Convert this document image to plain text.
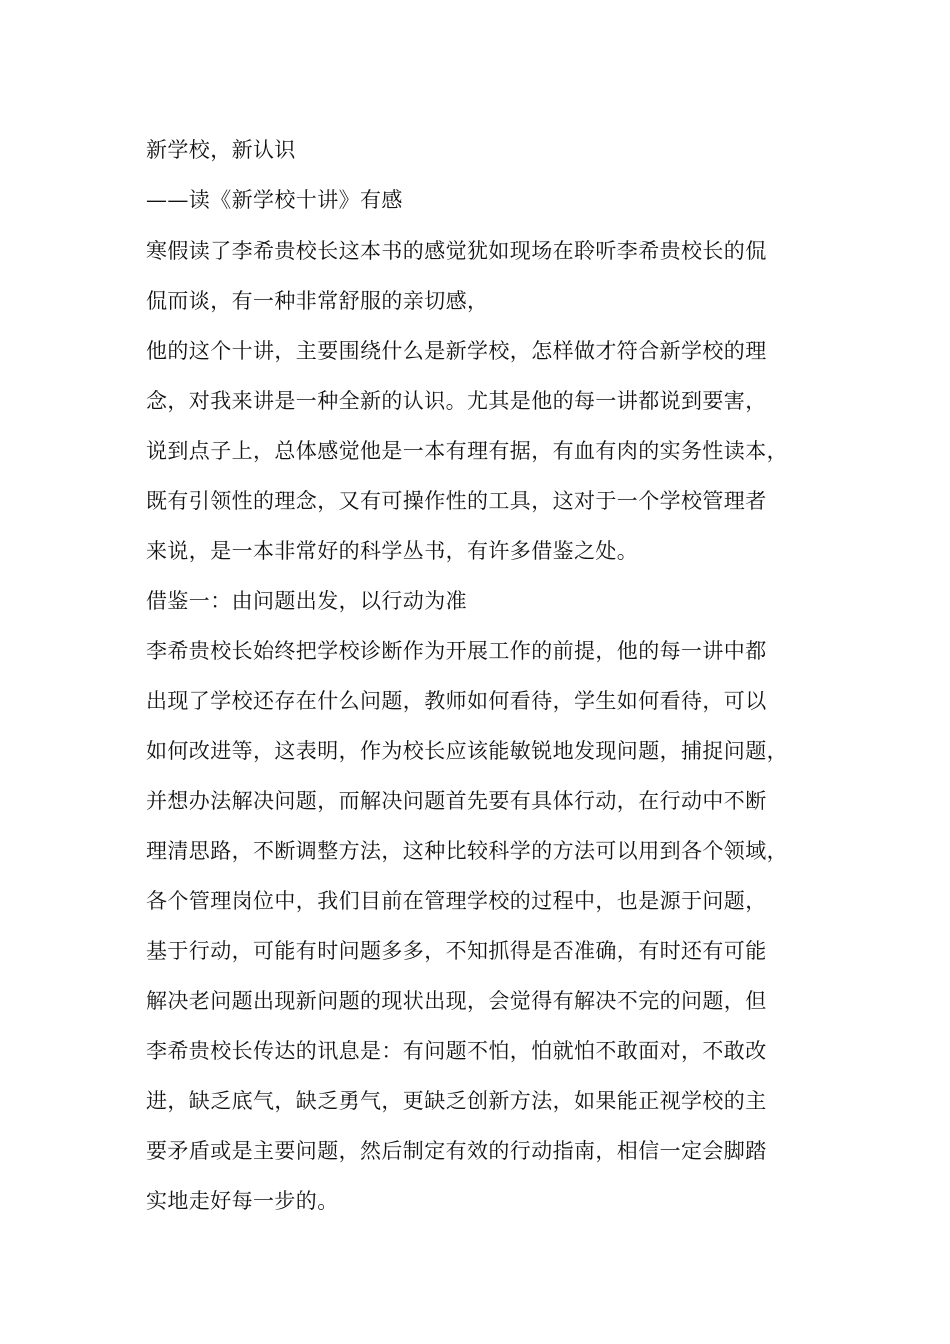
新学校，新认识
——读《新学校十讲》有感
寒假读了李希贵校长这本书的感觉犹如现场在聆听李希贵校长的侃
侃而谈，有一种非常舒服的亲切感，
他的这个十讲，主要围绕什么是新学校，怎样做才符合新学校的理
念，对我来讲是一种全新的认识。尤其是他的每一讲都说到要害，
说到点子上，总体感觉他是一本有理有据，有血有肉的实务性读本，
既有引领性的理念，又有可操作性的工具，这对于一个学校管理者
来说，是一本非常好的科学丛书，有许多借鉴之处。
借鉴一：由问题出发，以行动为准
李希贵校长始终把学校诊断作为开展工作的前提，他的每一讲中都
出现了学校还存在什么问题，教师如何看待，学生如何看待，可以
如何改进等，这表明，作为校长应该能敏锐地发现问题，捕捉问题，
并想办法解决问题，而解决问题首先要有具体行动，在行动中不断
理清思路，不断调整方法，这种比较科学的方法可以用到各个领域，
各个管理岗位中，我们目前在管理学校的过程中，也是源于问题，
基于行动，可能有时问题多多，不知抓得是否准确，有时还有可能
解决老问题出现新问题的现状出现，会觉得有解决不完的问题，但
李希贵校长传达的讯息是：有问题不怕，怕就怕不敢面对，不敢改
进，缺乏底气，缺乏勇气，更缺乏创新方法，如果能正视学校的主
要矛盾或是主要问题，然后制定有效的行动指南，相信一定会脚踏
实地走好每一步的。
